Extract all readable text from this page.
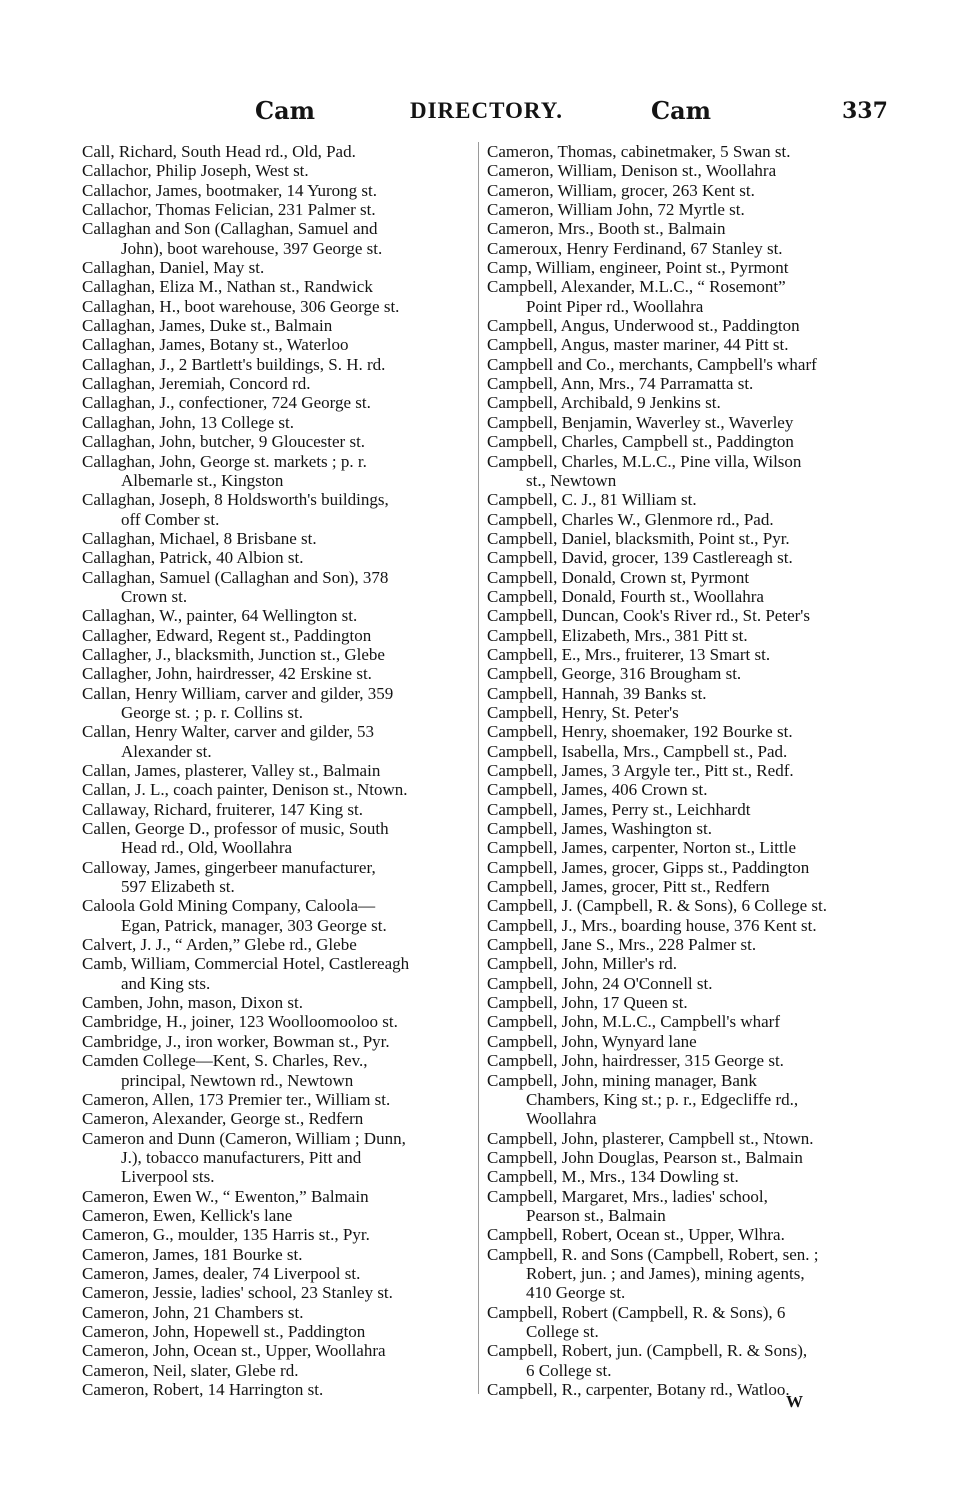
Cam	DIRECTORY.	Cam	337
Call, Richard, South Head rd., Old, Pad.
Callachor, Philip Joseph, West st.
Callachor, James, bootmaker, 14 Yurong st.
Callachor, Thomas Felician, 231 Palmer st.
Callaghan and Son (Callaghan, Samuel and
John), boot warehouse, 397 George st.
Callaghan, Daniel, May st.
Callaghan, Eliza M., Nathan st., Randwick
Callaghan, H., boot warehouse, 306 George st.
Callaghan, James, Duke st., Balmain
Callaghan, James, Botany st., Waterloo
Callaghan, J., 2 Bartlett's buildings, S. H. rd.
Callaghan, Jeremiah, Concord rd.
Callaghan, J., confectioner, 724 George st.
Callaghan, John, 13 College st.
Callaghan, John, butcher, 9 Gloucester st.
Callaghan, John, George st. markets ; p. r.
Albemarle st., Kingston
Callaghan, Joseph, 8 Holdsworth's buildings,
off Comber st.
Callaghan, Michael, 8 Brisbane st.
Callaghan, Patrick, 40 Albion st.
Callaghan, Samuel (Callaghan and Son), 378
Crown st.
Callaghan, W., painter, 64 Wellington st.
Callagher, Edward, Regent st., Paddington
Callagher, J., blacksmith, Junction st., Glebe
Callagher, John, hairdresser, 42 Erskine st.
Callan, Henry William, carver and gilder, 359
George st. ; p. r. Collins st.
Callan, Henry Walter, carver and gilder, 53
Alexander st.
Callan, James, plasterer, Valley st., Balmain
Callan, J. L., coach painter, Denison st., Ntown.
Callaway, Richard, fruiterer, 147 King st.
Callen, George D., professor of music, South
Head rd., Old, Woollahra
Calloway, James, gingerbeer manufacturer,
597 Elizabeth st.
Caloola Gold Mining Company, Caloola—
Egan, Patrick, manager, 303 George st.
Calvert, J. J., “ Arden,” Glebe rd., Glebe
Camb, William, Commercial Hotel, Castlereagh
and King sts.
Camben, John, mason, Dixon st.
Cambridge, H., joiner, 123 Woolloomooloo st.
Cambridge, J., iron worker, Bowman st., Pyr.
Camden College—Kent, S. Charles, Rev.,
principal, Newtown rd., Newtown
Cameron, Allen, 173 Premier ter., William st.
Cameron, Alexander, George st., Redfern
Cameron and Dunn (Cameron, William ; Dunn,
J.), tobacco manufacturers, Pitt and
Liverpool sts.
Cameron, Ewen W., “ Ewenton,” Balmain
Cameron, Ewen, Kellick's lane
Cameron, G., moulder, 135 Harris st., Pyr.
Cameron, James, 181 Bourke st.
Cameron, James, dealer, 74 Liverpool st.
Cameron, Jessie, ladies' school, 23 Stanley st.
Cameron, John, 21 Chambers st.
Cameron, John, Hopewell st., Paddington
Cameron, John, Ocean st., Upper, Woollahra
Cameron, Neil, slater, Glebe rd.
Cameron, Robert, 14 Harrington st.
Cameron, Thomas, cabinetmaker, 5 Swan st.
Cameron, William, Denison st., Woollahra
Cameron, William, grocer, 263 Kent st.
Cameron, William John, 72 Myrtle st.
Cameron, Mrs., Booth st., Balmain
Cameroux, Henry Ferdinand, 67 Stanley st.
Camp, William, engineer, Point st., Pyrmont
Campbell, Alexander, M.L.C., “ Rosemont”
Point Piper rd., Woollahra
Campbell, Angus, Underwood st., Paddington
Campbell, Angus, master mariner, 44 Pitt st.
Campbell and Co., merchants, Campbell's wharf
Campbell, Ann, Mrs., 74 Parramatta st.
Campbell, Archibald, 9 Jenkins st.
Campbell, Benjamin, Waverley st., Waverley
Campbell, Charles, Campbell st., Paddington
Campbell, Charles, M.L.C., Pine villa, Wilson
st., Newtown
Campbell, C. J., 81 William st.
Campbell, Charles W., Glenmore rd., Pad.
Campbell, Daniel, blacksmith, Point st., Pyr.
Campbell, David, grocer, 139 Castlereagh st.
Campbell, Donald, Crown st, Pyrmont
Campbell, Donald, Fourth st., Woollahra
Campbell, Duncan, Cook's River rd., St. Peter's
Campbell, Elizabeth, Mrs., 381 Pitt st.
Campbell, E., Mrs., fruiterer, 13 Smart st.
Campbell, George, 316 Brougham st.
Campbell, Hannah, 39 Banks st.
Campbell, Henry, St. Peter's
Campbell, Henry, shoemaker, 192 Bourke st.
Campbell, Isabella, Mrs., Campbell st., Pad.
Campbell, James, 3 Argyle ter., Pitt st., Redf.
Campbell, James, 406 Crown st.
Campbell, James, Perry st., Leichhardt
Campbell, James, Washington st.
Campbell, James, carpenter, Norton st., Little
Campbell, James, grocer, Gipps st., Paddington
Campbell, James, grocer, Pitt st., Redfern
Campbell, J. (Campbell, R. & Sons), 6 College st.
Campbell, J., Mrs., boarding house, 376 Kent st.
Campbell, Jane S., Mrs., 228 Palmer st.
Campbell, John, Miller's rd.
Campbell, John, 24 O'Connell st.
Campbell, John, 17 Queen st.
Campbell, John, M.L.C., Campbell's wharf
Campbell, John, Wynyard lane
Campbell, John, hairdresser, 315 George st.
Campbell, John, mining manager, Bank
Chambers, King st.; p. r., Edgecliffe rd.,
Woollahra
Campbell, John, plasterer, Campbell st., Ntown.
Campbell, John Douglas, Pearson st., Balmain
Campbell, M., Mrs., 134 Dowling st.
Campbell, Margaret, Mrs., ladies' school,
Pearson st., Balmain
Campbell, Robert, Ocean st., Upper, Wlhra.
Campbell, R. and Sons (Campbell, Robert, sen. ;
Robert, jun. ; and James), mining agents,
410 George st.
Campbell, Robert (Campbell, R. & Sons), 6
College st.
Campbell, Robert, jun. (Campbell, R. & Sons),
6 College st.
Campbell, R., carpenter, Botany rd., Watloo.
W
